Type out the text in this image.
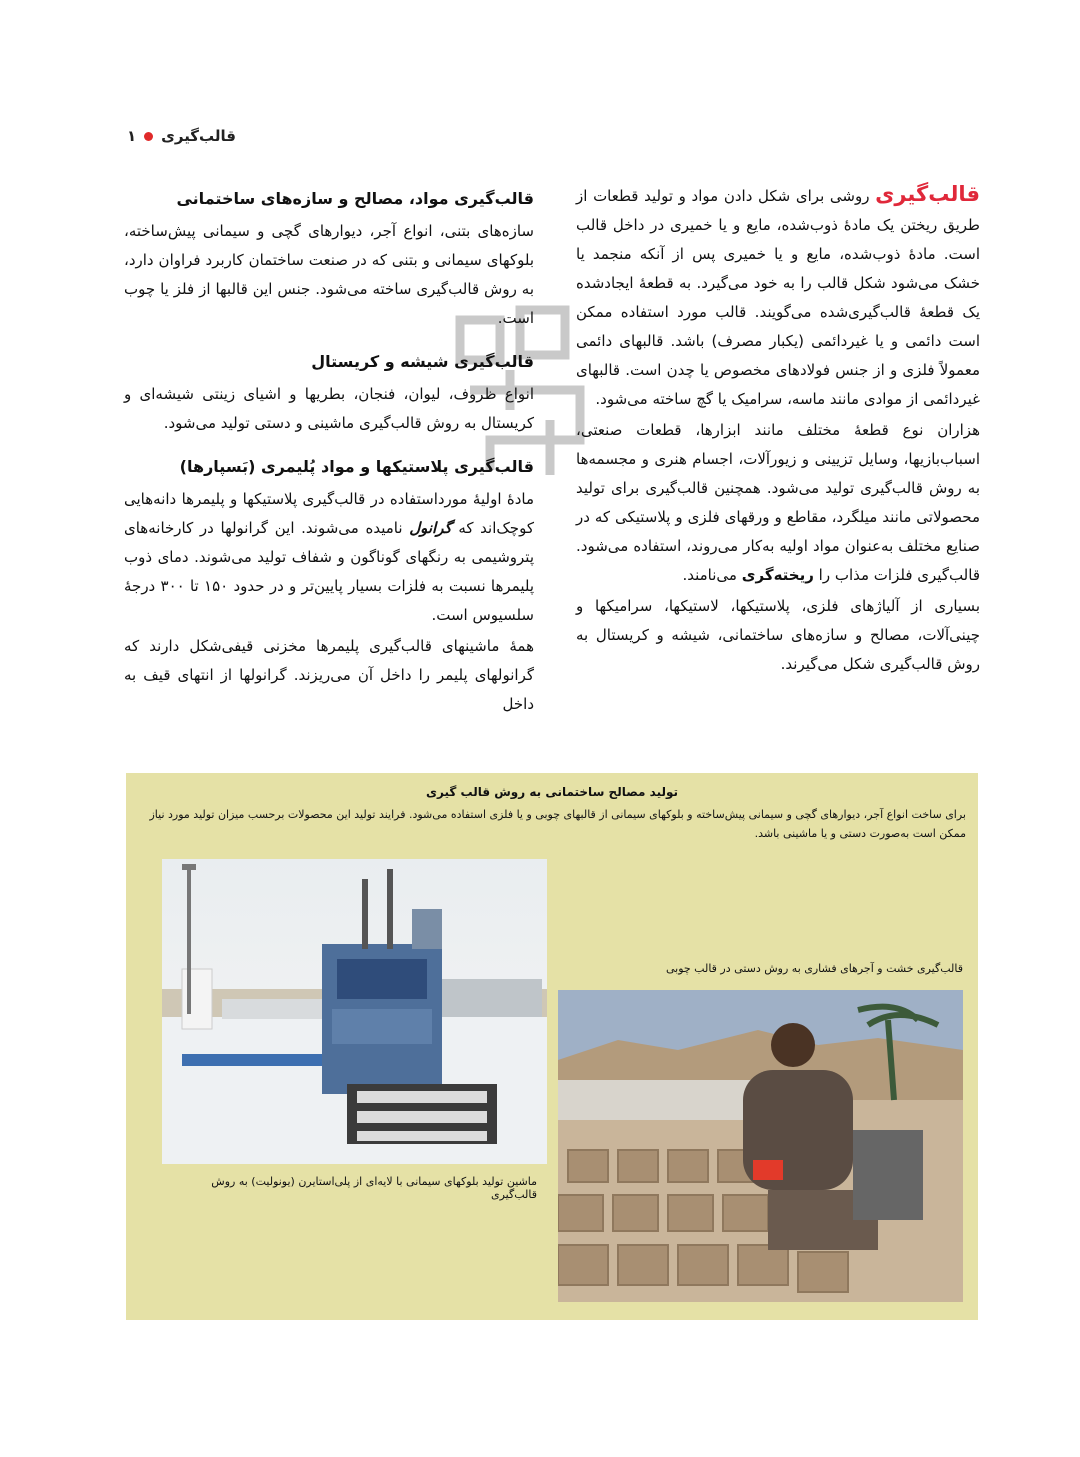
قالب‌گیری
۱

قالب‌گیری روشی برای شکل دادن مواد و تولید قطعات از طریق ریختن یک مادهٔ ذوب‌شده، مایع و یا خمیری در داخل قالب است. مادهٔ ذوب‌شده، مایع و یا خمیری پس از آنکه منجمد یا خشک می‌شود شکل قالب را به خود می‌گیرد. به قطعهٔ ایجادشده یک قطعهٔ قالب‌گیری‌شده می‌گویند. قالب مورد استفاده ممکن است دائمی و یا غیردائمی (یکبار مصرف) باشد. قالبهای دائمی معمولاً فلزی و از جنس فولادهای مخصوص یا چدن است. قالبهای غیردائمی از موادی مانند ماسه، سرامیک یا گچ ساخته می‌شود.

هزاران نوع قطعهٔ مختلف مانند ابزارها، قطعات صنعتی، اسباب‌بازیها، وسایل تزیینی و زیورآلات، اجسام هنری و مجسمه‌ها به روش قالب‌گیری تولید می‌شود. همچنین قالب‌گیری برای تولید محصولاتی مانند میلگرد، مقاطع و ورقهای فلزی و پلاستیکی که در صنایع مختلف به‌عنوان مواد اولیه به‌کار می‌روند، استفاده می‌شود. قالب‌گیری فلزات مذاب را ریخته‌گری می‌نامند.

بسیاری از آلیاژهای فلزی، پلاستیکها، لاستیکها، سرامیکها و چینی‌آلات، مصالح و سازه‌های ساختمانی، شیشه و کریستال به روش قالب‌گیری شکل می‌گیرند.

قالب‌گیری مواد، مصالح و سازه‌های ساختمانی

سازه‌های بتنی، انواع آجر، دیوارهای گچی و سیمانی پیش‌ساخته، بلوکهای سیمانی و بتنی که در صنعت ساختمان کاربرد فراوان دارد، به روش قالب‌گیری ساخته می‌شود. جنس این قالبها از فلز یا چوب است.

قالب‌گیری شیشه و کریستال

انواع ظروف، لیوان، فنجان، بطریها و اشیای زینتی شیشه‌ای و کریستال به روش قالب‌گیری ماشینی و دستی تولید می‌شود.

قالب‌گیری پلاستیکها و مواد پُلیمری (بَسپارها)

مادهٔ اولیهٔ مورداستفاده در قالب‌گیری پلاستیکها و پلیمرها دانه‌هایی کوچک‌اند که گرانول نامیده می‌شوند. این گرانولها در کارخانه‌های پتروشیمی به رنگهای گوناگون و شفاف تولید می‌شوند. دمای ذوب پلیمرها نسبت به فلزات بسیار پایین‌تر و در حدود ۱۵۰ تا ۳۰۰ درجهٔ سلسیوس است.

همهٔ ماشینهای قالب‌گیری پلیمرها مخزنی قیفی‌شکل دارند که گرانولهای پلیمر را داخل آن می‌ریزند. گرانولها از انتهای قیف به داخل

تولید مصالح ساختمانی به روش قالب گیری
برای ساخت انواع آجر، دیوارهای گچی و سیمانی پیش‌ساخته و بلوکهای سیمانی از قالبهای چوبی و یا فلزی استفاده می‌شود. فرایند تولید این محصولات برحسب میزان تولید مورد نیاز ممکن است به‌صورت دستی و یا ماشینی باشد.
ماشین تولید بلوکهای سیمانی با لایه‌ای از پلی‌استایرن (یونولیت) به روش قالب‌گیری
قالب‌گیری خشت و آجرهای فشاری به روش دستی در قالب چوبی
​
